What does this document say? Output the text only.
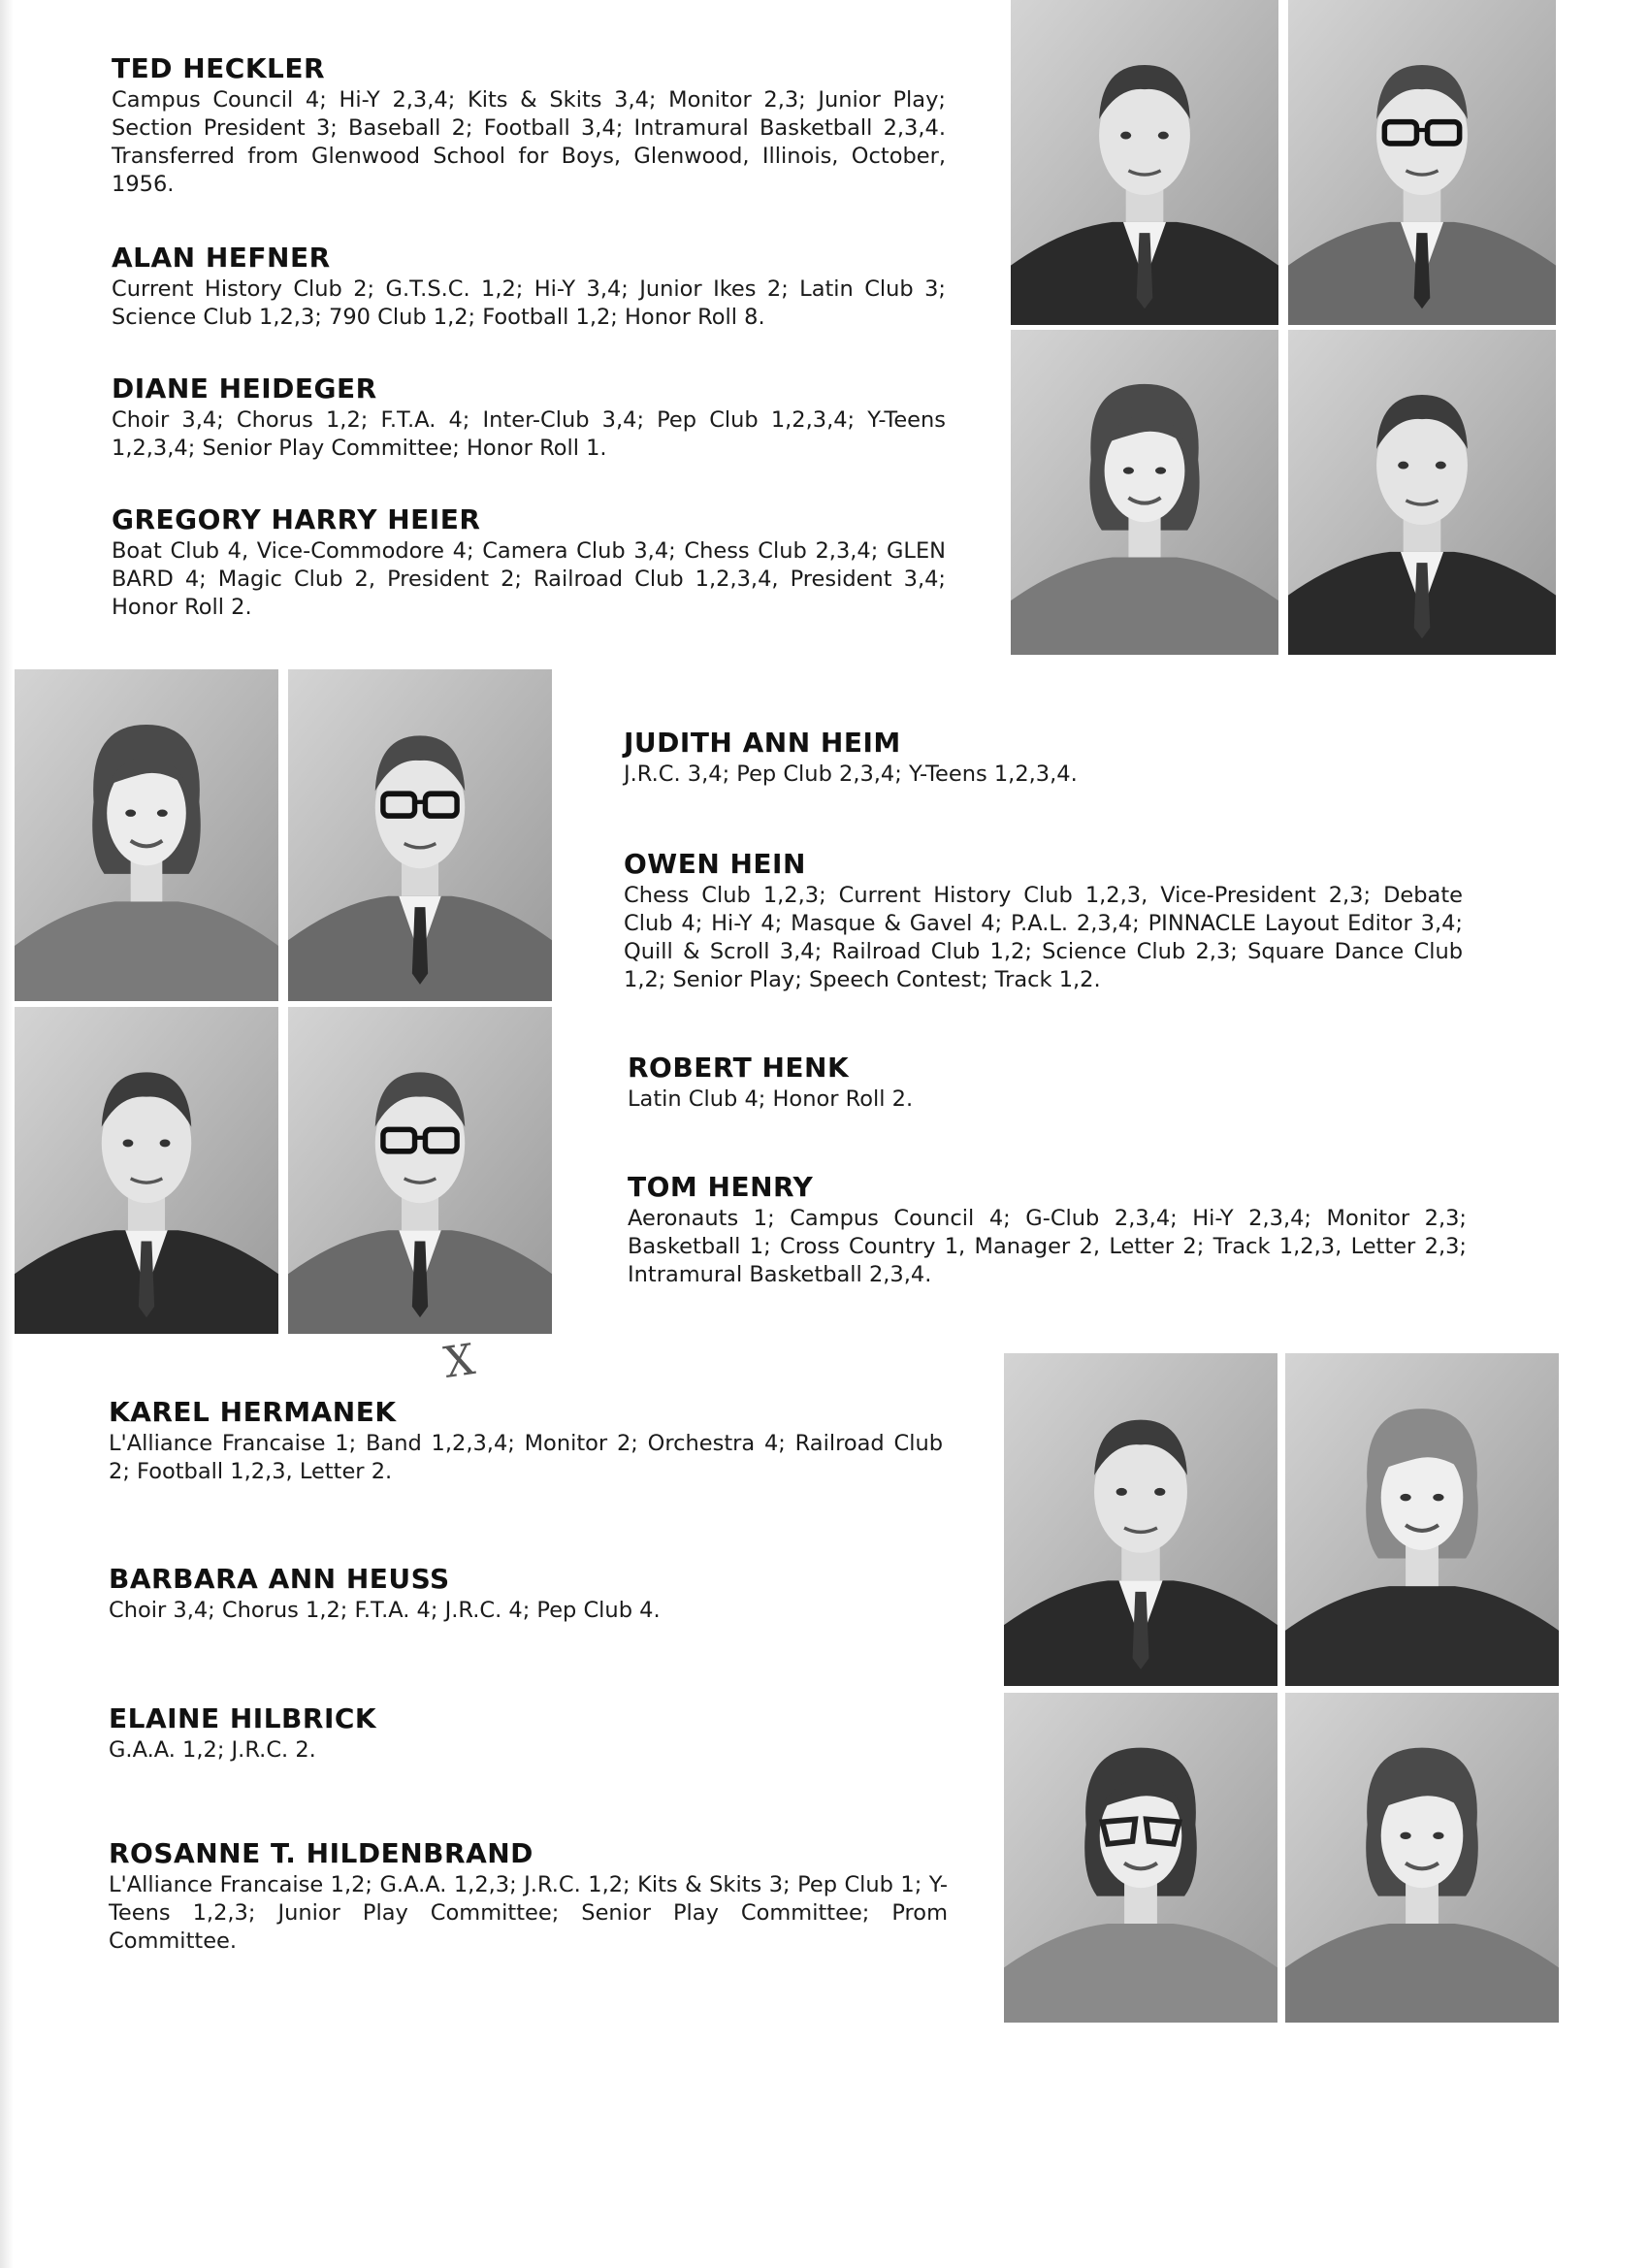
TED HECKLER
Campus Council 4; Hi-Y 2,3,4; Kits & Skits 3,4; Monitor 2,3; Junior Play; Section President 3; Baseball 2; Football 3,4; Intramural Basketball 2,3,4. Transferred from Glenwood School for Boys, Glenwood, Illinois, October, 1956.
ALAN HEFNER
Current History Club 2; G.T.S.C. 1,2; Hi-Y 3,4; Junior Ikes 2; Latin Club 3; Science Club 1,2,3; 790 Club 1,2; Football 1,2; Honor Roll 8.
DIANE HEIDEGER
Choir 3,4; Chorus 1,2; F.T.A. 4; Inter-Club 3,4; Pep Club 1,2,3,4; Y-Teens 1,2,3,4; Senior Play Committee; Honor Roll 1.
GREGORY HARRY HEIER
Boat Club 4, Vice-Commodore 4; Camera Club 3,4; Chess Club 2,3,4; GLEN BARD 4; Magic Club 2, President 2; Railroad Club 1,2,3,4, President 3,4; Honor Roll 2.
JUDITH ANN HEIM
J.R.C. 3,4; Pep Club 2,3,4; Y-Teens 1,2,3,4.
OWEN HEIN
Chess Club 1,2,3; Current History Club 1,2,3, Vice-President 2,3; Debate Club 4; Hi-Y 4; Masque & Gavel 4; P.A.L. 2,3,4; PINNACLE Layout Editor 3,4; Quill & Scroll 3,4; Railroad Club 1,2; Science Club 2,3; Square Dance Club 1,2; Senior Play; Speech Contest; Track 1,2.
ROBERT HENK
Latin Club 4; Honor Roll 2.
TOM HENRY
Aeronauts 1; Campus Council 4; G-Club 2,3,4; Hi-Y 2,3,4; Monitor 2,3; Basketball 1; Cross Country 1, Manager 2, Letter 2; Track 1,2,3, Letter 2,3; Intramural Basketball 2,3,4.
X
KAREL HERMANEK
L'Alliance Francaise 1; Band 1,2,3,4; Monitor 2; Orchestra 4; Railroad Club 2; Football 1,2,3, Letter 2.
BARBARA ANN HEUSS
Choir 3,4; Chorus 1,2; F.T.A. 4; J.R.C. 4; Pep Club 4.
ELAINE HILBRICK
G.A.A. 1,2; J.R.C. 2.
ROSANNE T. HILDENBRAND
L'Alliance Francaise 1,2; G.A.A. 1,2,3; J.R.C. 1,2; Kits & Skits 3; Pep Club 1; Y-Teens 1,2,3; Junior Play Committee; Senior Play Committee; Prom Committee.
